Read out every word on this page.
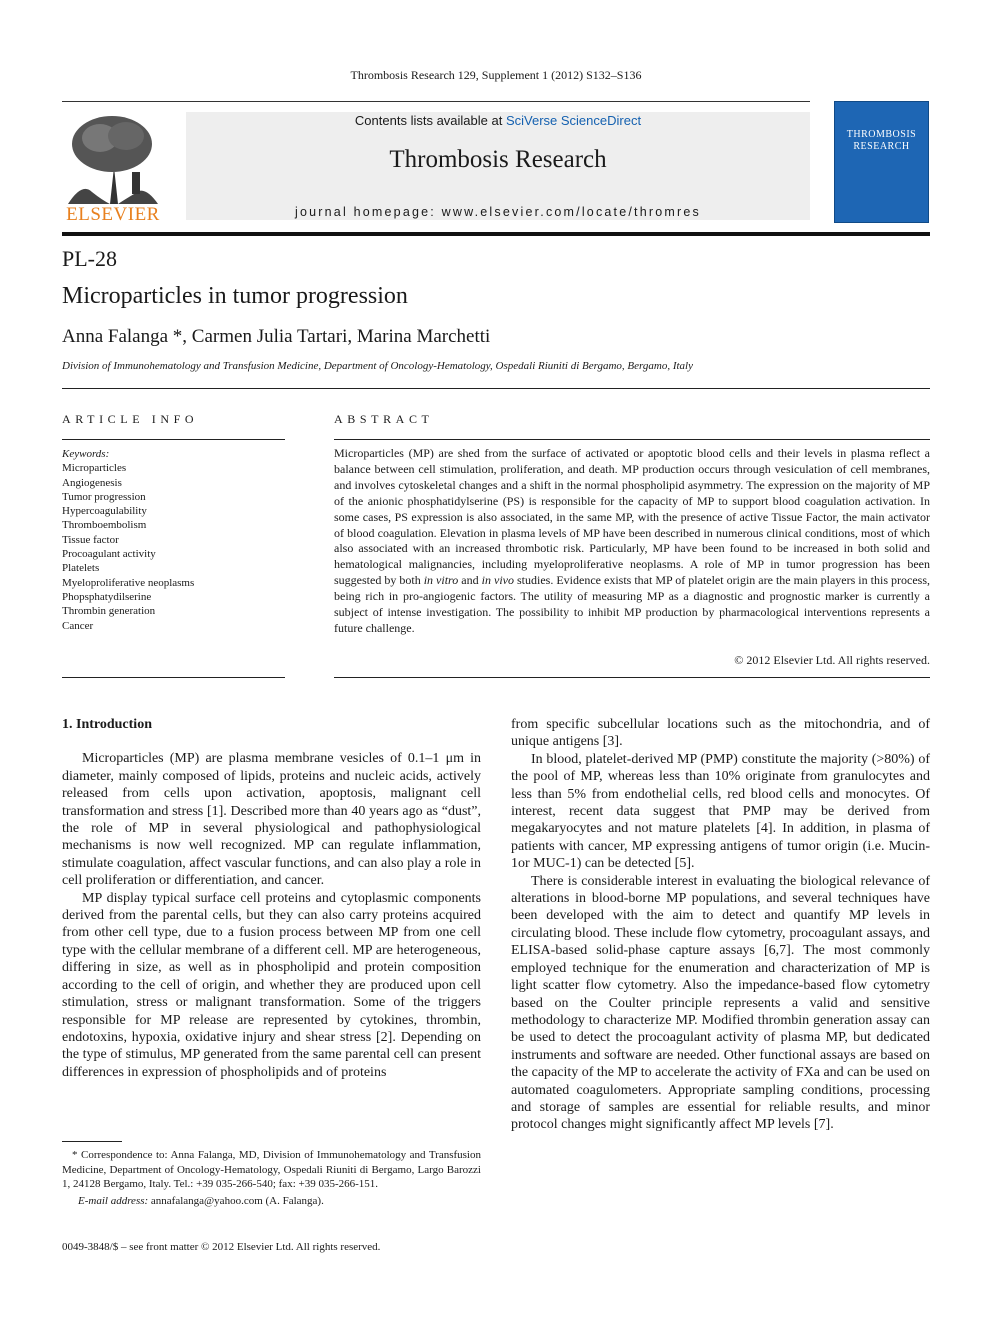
Thrombosis Research 129, Supplement 1 (2012) S132–S136
ELSEVIER
Contents lists available at SciVerse ScienceDirect
Thrombosis Research
journal homepage: www.elsevier.com/locate/thromres
THROMBOSIS RESEARCH
PL-28
Microparticles in tumor progression
Anna Falanga *, Carmen Julia Tartari, Marina Marchetti
Division of Immunohematology and Transfusion Medicine, Department of Oncology-Hematology, Ospedali Riuniti di Bergamo, Bergamo, Italy
ARTICLE INFO
Keywords:
Microparticles
Angiogenesis
Tumor progression
Hypercoagulability
Thromboembolism
Tissue factor
Procoagulant activity
Platelets
Myeloproliferative neoplasms
Phopsphatydilserine
Thrombin generation
Cancer
ABSTRACT
Microparticles (MP) are shed from the surface of activated or apoptotic blood cells and their levels in plasma reflect a balance between cell stimulation, proliferation, and death. MP production occurs through vesiculation of cell membranes, and involves cytoskeletal changes and a shift in the normal phospholipid asymmetry. The expression on the majority of MP of the anionic phosphatidylserine (PS) is responsible for the capacity of MP to support blood coagulation activation. In some cases, PS expression is also associated, in the same MP, with the presence of active Tissue Factor, the main activator of blood coagulation. Elevation in plasma levels of MP have been described in numerous clinical conditions, most of which also associated with an increased thrombotic risk. Particularly, MP have been found to be increased in both solid and hematological malignancies, including myeloproliferative neoplasms. A role of MP in tumor progression has been suggested by both in vitro and in vivo studies. Evidence exists that MP of platelet origin are the main players in this process, being rich in pro-angiogenic factors. The utility of measuring MP as a diagnostic and prognostic marker is currently a subject of intense investigation. The possibility to inhibit MP production by pharmacological interventions represents a future challenge.
© 2012 Elsevier Ltd. All rights reserved.
1. Introduction

Microparticles (MP) are plasma membrane vesicles of 0.1–1 μm in diameter, mainly composed of lipids, proteins and nucleic acids, actively released from cells upon activation, apoptosis, malignant cell transformation and stress [1]. Described more than 40 years ago as “dust”, the role of MP in several physiological and pathophysiological mechanisms is now well recognized. MP can regulate inflammation, stimulate coagulation, affect vascular functions, and can also play a role in cell proliferation or differentiation, and cancer.

MP display typical surface cell proteins and cytoplasmic components derived from the parental cells, but they can also carry proteins acquired from other cell type, due to a fusion process between MP from one cell type with the cellular membrane of a different cell. MP are heterogeneous, differing in size, as well as in phospholipid and protein composition according to the cell of origin, and whether they are produced upon cell stimulation, stress or malignant transformation. Some of the triggers responsible for MP release are represented by cytokines, thrombin, endotoxins, hypoxia, oxidative injury and shear stress [2]. Depending on the type of stimulus, MP generated from the same parental cell can present differences in expression of phospholipids and of proteins

from specific subcellular locations such as the mitochondria, and of unique antigens [3].

In blood, platelet-derived MP (PMP) constitute the majority (>80%) of the pool of MP, whereas less than 10% originate from granulocytes and less than 5% from endothelial cells, red blood cells and monocytes. Of interest, recent data suggest that PMP may be derived from megakaryocytes and not mature platelets [4]. In addition, in plasma of patients with cancer, MP expressing antigens of tumor origin (i.e. Mucin-1or MUC-1) can be detected [5].

There is considerable interest in evaluating the biological relevance of alterations in blood-borne MP populations, and several techniques have been developed with the aim to detect and quantify MP levels in circulating blood. These include flow cytometry, procoagulant assays, and ELISA-based solid-phase capture assays [6,7]. The most commonly employed technique for the enumeration and characterization of MP is light scatter flow cytometry. Also the impedance-based flow cytometry based on the Coulter principle represents a valid and sensitive methodology to characterize MP. Modified thrombin generation assay can be used to detect the procoagulant activity of plasma MP, but dedicated instruments and software are needed. Other functional assays are based on the capacity of the MP to accelerate the activity of FXa and can be used on automated coagulometers. Appropriate sampling conditions, processing and storage of samples are essential for reliable results, and minor protocol changes might significantly affect MP levels [7].

* Correspondence to: Anna Falanga, MD, Division of Immunohematology and Transfusion Medicine, Department of Oncology-Hematology, Ospedali Riuniti di Bergamo, Largo Barozzi 1, 24128 Bergamo, Italy. Tel.: +39 035-266-540; fax: +39 035-266-151.

E-mail address: annafalanga@yahoo.com (A. Falanga).

0049-3848/$ – see front matter © 2012 Elsevier Ltd. All rights reserved.
